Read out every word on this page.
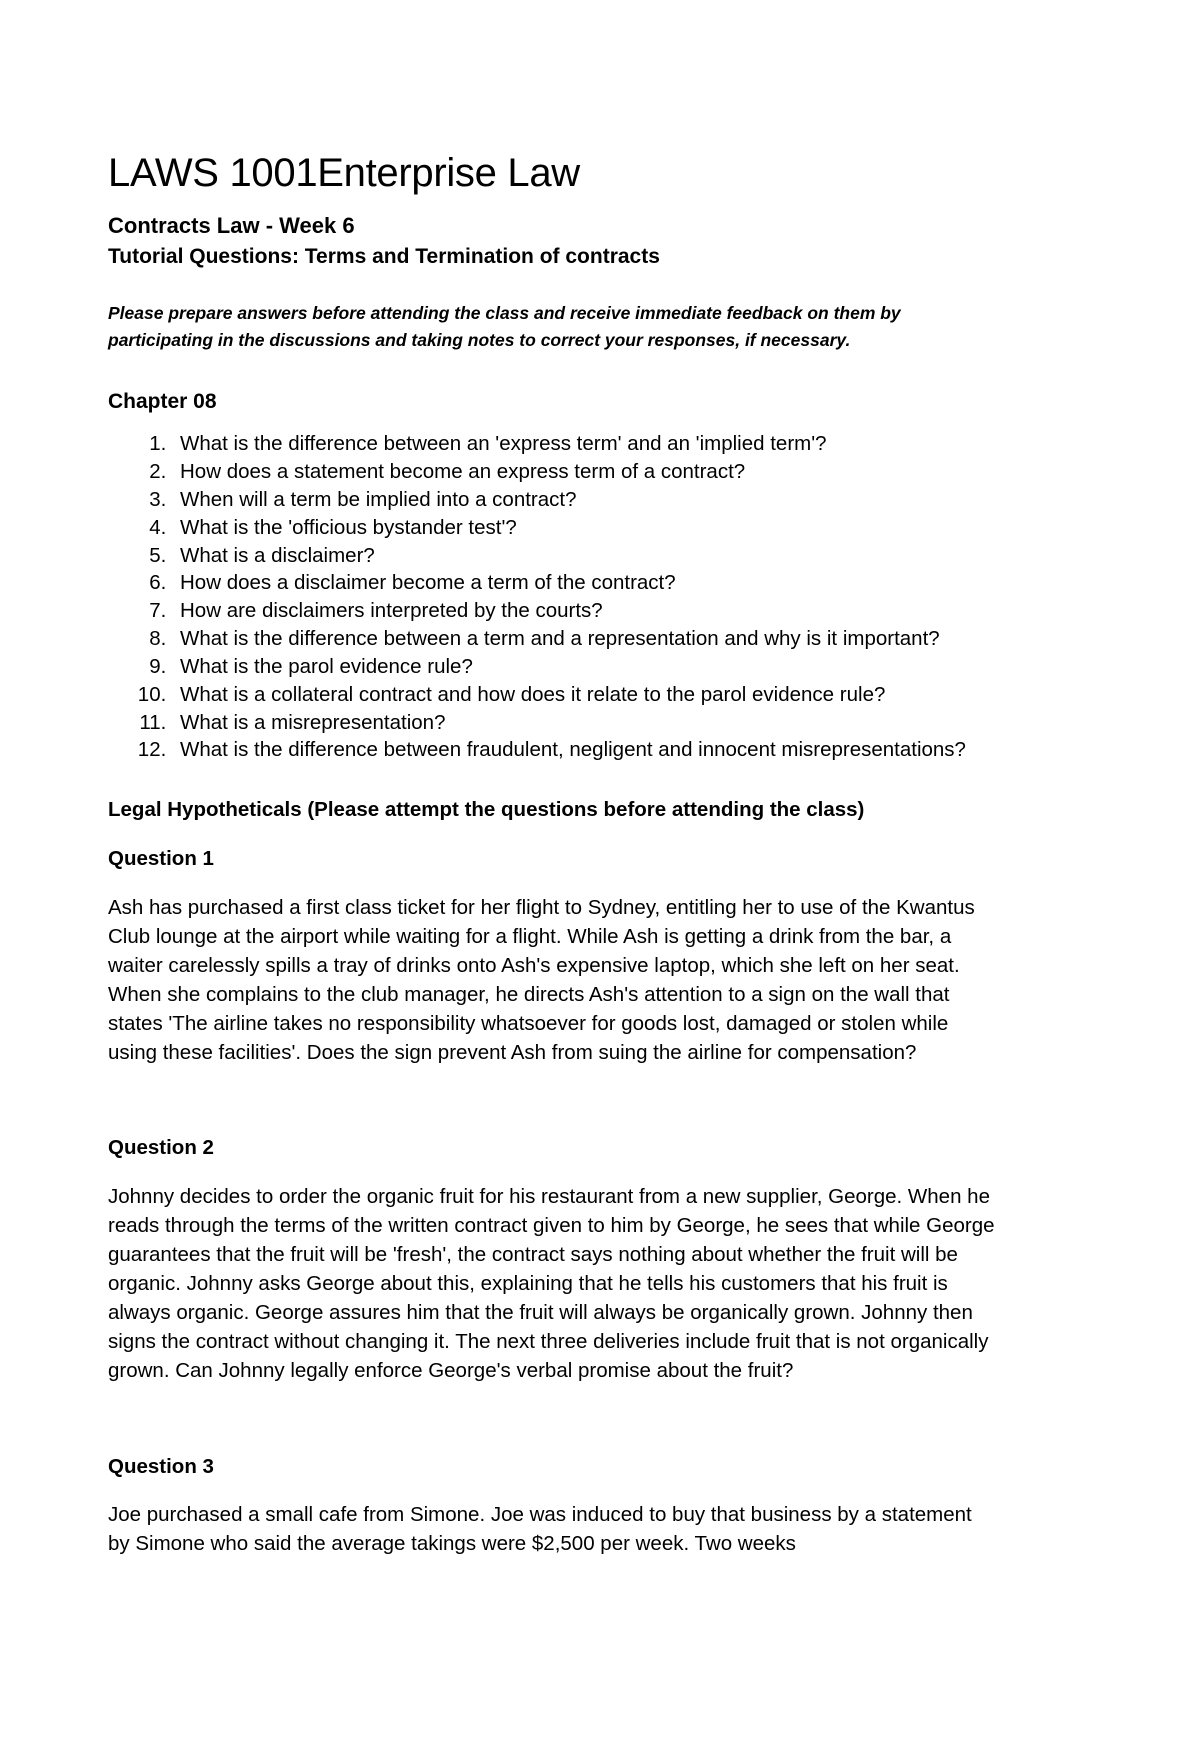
LAWS 1001Enterprise Law
Contracts Law - Week 6
Tutorial Questions: Terms and Termination of contracts

Please prepare answers before attending the class and receive immediate feedback on them by participating in the discussions and taking notes to correct your responses, if necessary.

Chapter 08
1. What is the difference between an 'express term' and an 'implied term'?
2. How does a statement become an express term of a contract?
3. When will a term be implied into a contract?
4. What is the 'officious bystander test'?
5. What is a disclaimer?
6. How does a disclaimer become a term of the contract?
7. How are disclaimers interpreted by the courts?
8. What is the difference between a term and a representation and why is it important?
9. What is the parol evidence rule?
10. What is a collateral contract and how does it relate to the parol evidence rule?
11. What is a misrepresentation?
12. What is the difference between fraudulent, negligent and innocent misrepresentations?
Legal Hypotheticals (Please attempt the questions before attending the class)
Question 1

Ash has purchased a first class ticket for her flight to Sydney, entitling her to use of the Kwantus Club lounge at the airport while waiting for a flight. While Ash is getting a drink from the bar, a waiter carelessly spills a tray of drinks onto Ash's expensive laptop, which she left on her seat. When she complains to the club manager, he directs Ash's attention to a sign on the wall that states 'The airline takes no responsibility whatsoever for goods lost, damaged or stolen while using these facilities'. Does the sign prevent Ash from suing the airline for compensation?

Question 2

Johnny decides to order the organic fruit for his restaurant from a new supplier, George. When he reads through the terms of the written contract given to him by George, he sees that while George guarantees that the fruit will be 'fresh', the contract says nothing about whether the fruit will be organic. Johnny asks George about this, explaining that he tells his customers that his fruit is always organic. George assures him that the fruit will always be organically grown. Johnny then signs the contract without changing it. The next three deliveries include fruit that is not organically grown. Can Johnny legally enforce George's verbal promise about the fruit?

Question 3

Joe purchased a small cafe from Simone. Joe was induced to buy that business by a statement by Simone who said the average takings were $2,500 per week. Two weeks
